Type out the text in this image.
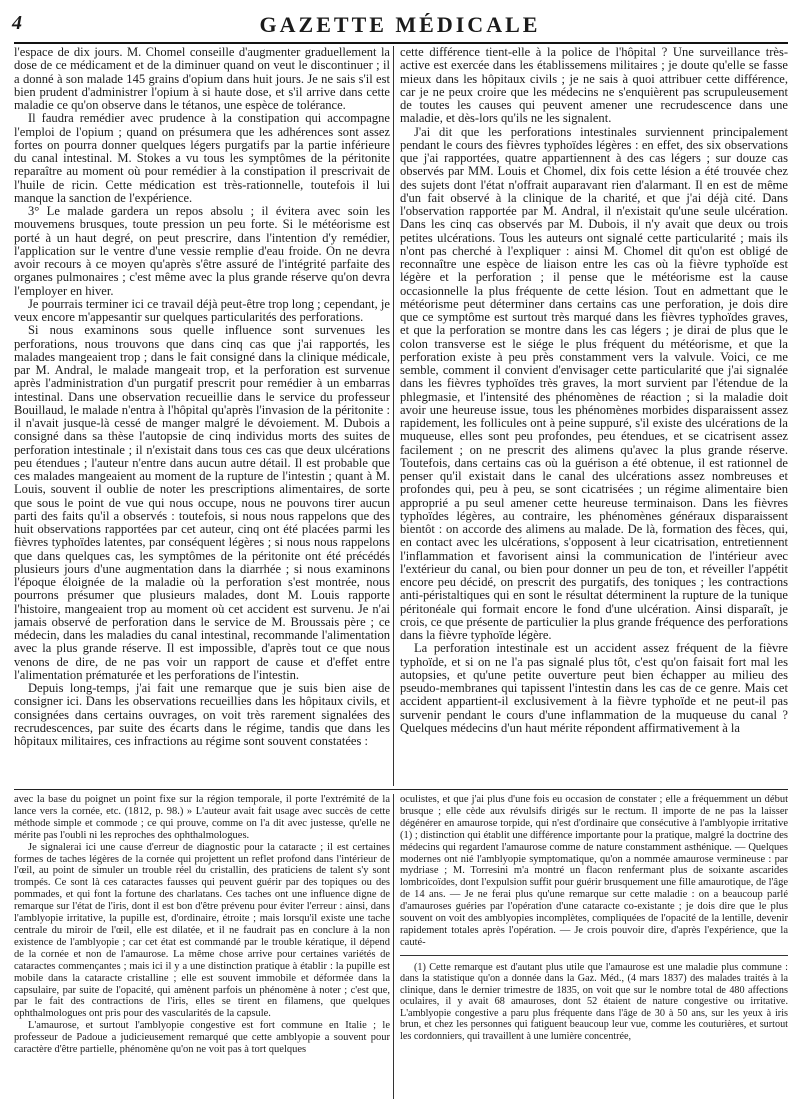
4	GAZETTE MÉDICALE

l'espace de dix jours. M. Chomel conseille d'augmenter graduellement la dose de ce médicament et de la diminuer quand on veut le discontinuer ; il a donné à son malade 145 grains d'opium dans huit jours. Je ne sais s'il est bien prudent d'administrer l'opium à si haute dose, et s'il arrive dans cette maladie ce qu'on observe dans le tétanos, une espèce de tolérance.

Il faudra remédier avec prudence à la constipation qui accompagne l'emploi de l'opium ; quand on présumera que les adhérences sont assez fortes on pourra donner quelques légers purgatifs par la partie inférieure du canal intestinal. M. Stokes a vu tous les symptômes de la péritonite reparaître au moment où pour remédier à la constipation il prescrivait de l'huile de ricin. Cette médication est très-rationnelle, toutefois il lui manque la sanction de l'expérience.

3° Le malade gardera un repos absolu ; il évitera avec soin les mouvemens brusques, toute pression un peu forte. Si le météorisme est porté à un haut degré, on peut prescrire, dans l'intention d'y remédier, l'application sur le ventre d'une vessie remplie d'eau froide. On ne devra avoir recours à ce moyen qu'après s'être assuré de l'intégrité parfaite des organes pulmonaires ; c'est même avec la plus grande réserve qu'on devra l'employer en hiver.

Je pourrais terminer ici ce travail déjà peut-être trop long ; cependant, je veux encore m'appesantir sur quelques particularités des perforations.

Si nous examinons sous quelle influence sont survenues les perforations, nous trouvons que dans cinq cas que j'ai rapportés, les malades mangeaient trop ; dans le fait consigné dans la clinique médicale, par M. Andral, le malade mangeait trop, et la perforation est survenue après l'administration d'un purgatif prescrit pour remédier à un embarras intestinal. Dans une observation recueillie dans le service du professeur Bouillaud, le malade n'entra à l'hôpital qu'après l'invasion de la péritonite : il n'avait jusque-là cessé de manger malgré le dévoiement. M. Dubois a consigné dans sa thèse l'autopsie de cinq individus morts des suites de perforation intestinale ; il n'existait dans tous ces cas que deux ulcérations peu étendues ; l'auteur n'entre dans aucun autre détail. Il est probable que ces malades mangeaient au moment de la rupture de l'intestin ; quant à M. Louis, souvent il oublie de noter les prescriptions alimentaires, de sorte que sous le point de vue qui nous occupe, nous ne pouvons tirer aucun parti des faits qu'il a observés : toutefois, si nous nous rappelons que des huit observations rapportées par cet auteur, cinq ont été placées parmi les fièvres typhoïdes latentes, par conséquent légères ; si nous nous rappelons que dans quelques cas, les symptômes de la péritonite ont été précédés plusieurs jours d'une augmentation dans la diarrhée ; si nous examinons l'époque éloignée de la maladie où la perforation s'est montrée, nous pourrons présumer que plusieurs malades, dont M. Louis rapporte l'histoire, mangeaient trop au moment où cet accident est survenu. Je n'ai jamais observé de perforation dans le service de M. Broussais père ; ce médecin, dans les maladies du canal intestinal, recommande l'alimentation avec la plus grande réserve. Il est impossible, d'après tout ce que nous venons de dire, de ne pas voir un rapport de cause et d'effet entre l'alimentation prématurée et les perforations de l'intestin.

Depuis long-temps, j'ai fait une remarque que je suis bien aise de consigner ici. Dans les observations recueillies dans les hôpitaux civils, et consignées dans certains ouvrages, on voit très rarement signalées des recrudescences, par suite des écarts dans le régime, tandis que dans les hôpitaux militaires, ces infractions au régime sont souvent constatées :

cette différence tient-elle à la police de l'hôpital ? Une surveillance très-active est exercée dans les établissemens militaires ; je doute qu'elle se fasse mieux dans les hôpitaux civils ; je ne sais à quoi attribuer cette différence, car je ne peux croire que les médecins ne s'enquièrent pas scrupuleusement de toutes les causes qui peuvent amener une recrudescence dans une maladie, et dès-lors qu'ils ne les signalent.

J'ai dit que les perforations intestinales surviennent principalement pendant le cours des fièvres typhoïdes légères : en effet, des six observations que j'ai rapportées, quatre appartiennent à des cas légers ; sur douze cas observés par MM. Louis et Chomel, dix fois cette lésion a été trouvée chez des sujets dont l'état n'offrait auparavant rien d'alarmant. Il en est de même d'un fait observé à la clinique de la charité, et que j'ai déjà cité. Dans l'observation rapportée par M. Andral, il n'existait qu'une seule ulcération. Dans les cinq cas observés par M. Dubois, il n'y avait que deux ou trois petites ulcérations. Tous les auteurs ont signalé cette particularité ; mais ils n'ont pas cherché à l'expliquer : ainsi M. Chomel dit qu'on est obligé de reconnaître une espèce de liaison entre les cas où la fièvre typhoïde est légère et la perforation ; il pense que le météorisme est la cause occasionnelle la plus fréquente de cette lésion. Tout en admettant que le météorisme peut déterminer dans certains cas une perforation, je dois dire que ce symptôme est surtout très marqué dans les fièvres typhoïdes graves, et que la perforation se montre dans les cas légers ; je dirai de plus que le colon transverse est le siége le plus fréquent du météorisme, et que la perforation existe à peu près constamment vers la valvule. Voici, ce me semble, comment il convient d'envisager cette particularité que j'ai signalée dans les fièvres typhoïdes très graves, la mort survient par l'étendue de la phlegmasie, et l'intensité des phénomènes de réaction ; si la maladie doit avoir une heureuse issue, tous les phénomènes morbides disparaissent assez rapidement, les follicules ont à peine suppuré, s'il existe des ulcérations de la muqueuse, elles sont peu profondes, peu étendues, et se cicatrisent assez facilement ; on ne prescrit des alimens qu'avec la plus grande réserve. Toutefois, dans certains cas où la guérison a été obtenue, il est rationnel de penser qu'il existait dans le canal des ulcérations assez nombreuses et profondes qui, peu à peu, se sont cicatrisées ; un régime alimentaire bien approprié a pu seul amener cette heureuse terminaison. Dans les fièvres typhoïdes légères, au contraire, les phénomènes généraux disparaissent bientôt : on accorde des alimens au malade. De là, formation des fèces, qui, en contact avec les ulcérations, s'opposent à leur cicatrisation, entretiennent l'inflammation et favorisent ainsi la communication de l'intérieur avec l'extérieur du canal, ou bien pour donner un peu de ton, et réveiller l'appétit encore peu décidé, on prescrit des purgatifs, des toniques ; les contractions anti-péristaltiques qui en sont le résultat déterminent la rupture de la tunique péritonéale qui formait encore le fond d'une ulcération. Ainsi disparaît, je crois, ce que présente de particulier la plus grande fréquence des perforations dans la fièvre typhoïde légère.

La perforation intestinale est un accident assez fréquent de la fièvre typhoïde, et si on ne l'a pas signalé plus tôt, c'est qu'on faisait fort mal les autopsies, et qu'une petite ouverture peut bien échapper au milieu des pseudo-membranes qui tapissent l'intestin dans les cas de ce genre. Mais cet accident appartient-il exclusivement à la fièvre typhoïde et ne peut-il pas survenir pendant le cours d'une inflammation de la muqueuse du canal ? Quelques médecins d'un haut mérite répondent affirmativement à la

avec la base du poignet un point fixe sur la région temporale, il porte l'extrémité de la lance vers la cornée, etc. (1812, p. 98.) » L'auteur avait fait usage avec succès de cette méthode simple et commode ; ce qui prouve, comme on l'a dit avec justesse, qu'elle ne mérite pas l'oubli ni les reproches des ophthalmologues.

Je signalerai ici une cause d'erreur de diagnostic pour la cataracte ; il est certaines formes de taches légères de la cornée qui projettent un reflet profond dans l'intérieur de l'œil, au point de simuler un trouble réel du cristallin, des praticiens de talent s'y sont trompés. Ce sont là ces cataractes fausses qui peuvent guérir par des topiques ou des pommades, et qui font la fortune des charlatans. Ces taches ont une influence digne de remarque sur l'état de l'iris, dont il est bon d'être prévenu pour éviter l'erreur : ainsi, dans l'amblyopie irritative, la pupille est, d'ordinaire, étroite ; mais lorsqu'il existe une tache centrale du miroir de l'œil, elle est dilatée, et il ne faudrait pas en conclure à la non existence de l'amblyopie ; car cet état est commandé par le trouble kératique, il dépend de la cornée et non de l'amaurose. La même chose arrive pour certaines variétés de cataractes commençantes ; mais ici il y a une distinction pratique à établir : la pupille est mobile dans la cataracte cristalline ; elle est souvent immobile et déformée dans la capsulaire, par suite de l'opacité, qui amènent parfois un phénomène à noter ; c'est que, par le fait des contractions de l'iris, elles se tirent en filamens, que quelques ophthalmologues ont pris pour des vascularités de la capsule.

L'amaurose, et surtout l'amblyopie congestive est fort commune en Italie ; le professeur de Padoue a judicieusement remarqué que cette amblyopie a souvent pour caractère d'être partielle, phénomène qu'on ne voit pas à tort quelques

oculistes, et que j'ai plus d'une fois eu occasion de constater ; elle a fréquemment un début brusque ; elle cède aux révulsifs dirigés sur le rectum. Il importe de ne pas la laisser dégénérer en amaurose torpide, qui n'est d'ordinaire que consécutive à l'amblyopie irritative (1) ; distinction qui établit une différence importante pour la pratique, malgré la doctrine des médecins qui regardent l'amaurose comme de nature constamment asthénique. — Quelques modernes ont nié l'amblyopie symptomatique, qu'on a nommée amaurose vermineuse : par mydriase ; M. Torresini m'a montré un flacon renfermant plus de soixante ascarides lombricoïdes, dont l'expulsion suffit pour guérir brusquement une fille amaurotique, de l'âge de 14 ans. — Je ne ferai plus qu'une remarque sur cette maladie : on a beaucoup parlé d'amauroses guéries par l'opération d'une cataracte co-existante ; je dois dire que le plus souvent on voit des amblyopies incomplètes, compliquées de l'opacité de la lentille, devenir rapidement totales après l'opération. — Je crois pouvoir dire, d'après l'expérience, que la cauté-

(1) Cette remarque est d'autant plus utile que l'amaurose est une maladie plus commune : dans la statistique qu'on a donnée dans la Gaz. Méd., (4 mars 1837) des malades traités à la clinique, dans le dernier trimestre de 1835, on voit que sur le nombre total de 480 affections oculaires, il y avait 68 amauroses, dont 52 étaient de nature congestive ou irritative. L'amblyopie congestive a paru plus fréquente dans l'âge de 30 à 50 ans, sur les yeux à iris brun, et chez les personnes qui fatiguent beaucoup leur vue, comme les couturières, et surtout les cordonniers, qui travaillent à une lumière concentrée,
